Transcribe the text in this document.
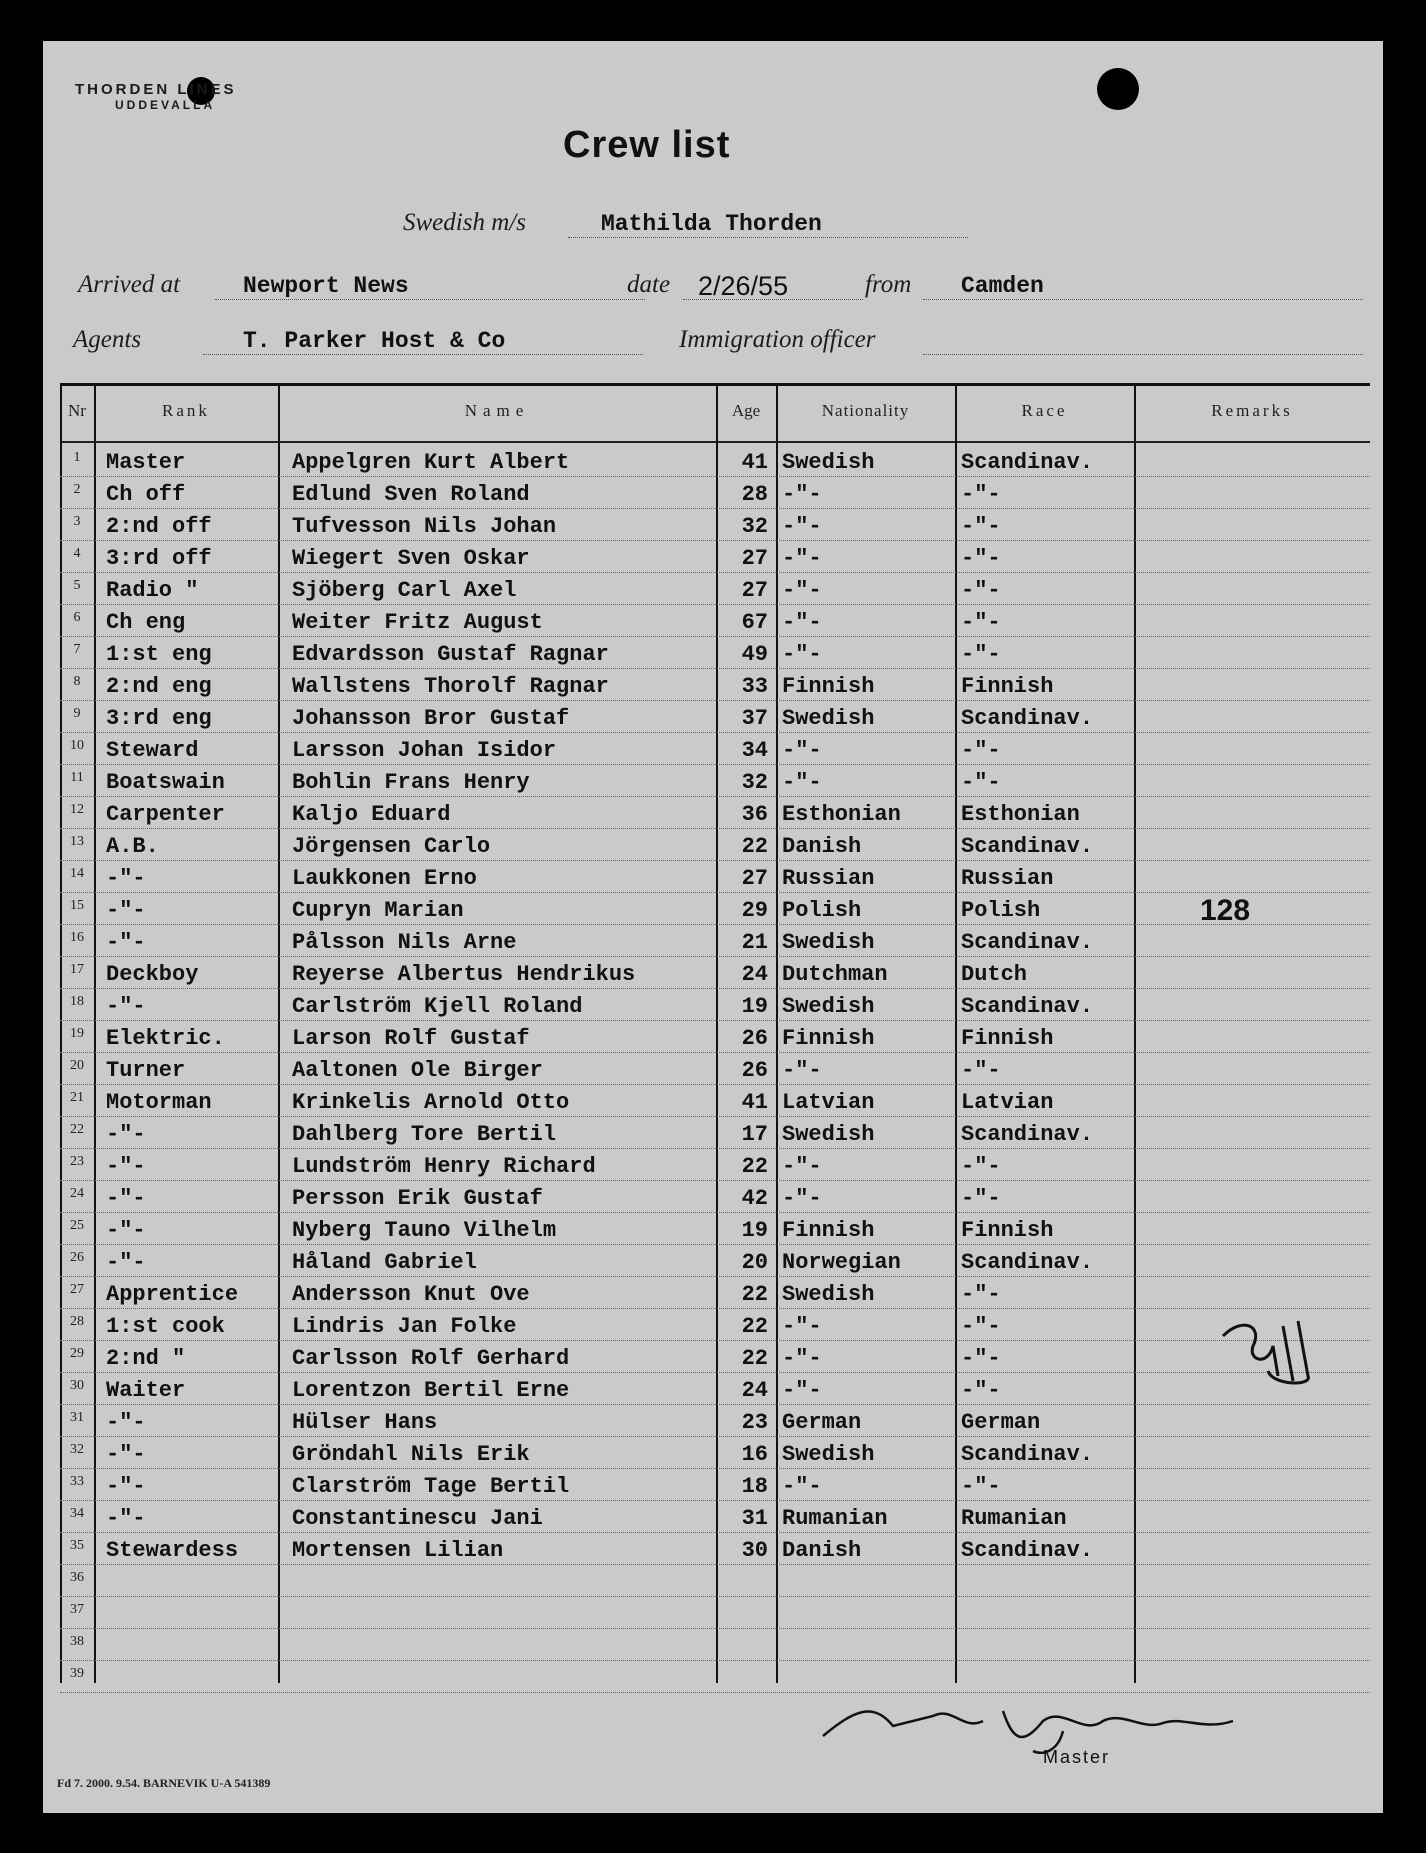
THORDEN LINES
UDDEVALLA
Crew list
Swedish m/s	Mathilda Thorden
Arrived at	Newport News	date 2/26/55	from Camden
Agents	T. Parker Host & Co	Immigration officer
Nr	Rank	Name	Age	Nationality	Race	Remarks
1	Master	Appelgren Kurt Albert	41 Swedish	Scandinav.
2	Ch off	Edlund Sven Roland	28 -"-	-"-
3	2:nd off	Tufvesson Nils Johan	32 -"-	-"-
4	3:rd off	Wiegert Sven Oskar	27 -"-	-"-
5	Radio "	Sjöberg Carl Axel	27 -"-	-"-
6	Ch eng	Weiter Fritz August	67 -"-	-"-
7	1:st eng	Edvardsson Gustaf Ragnar	49 -"-	-"-
8	2:nd eng	Wallstens Thorolf Ragnar	33 Finnish	Finnish
9	3:rd eng	Johansson Bror Gustaf	37 Swedish	Scandinav.
10	Steward	Larsson Johan Isidor	34 -"-	-"-
11	Boatswain	Bohlin Frans Henry	32 -"-	-"-
12	Carpenter	Kaljo Eduard	36 Esthonian	Esthonian
13	A.B.	Jörgensen Carlo	22 Danish	Scandinav.
14	-"-	Laukkonen Erno	27 Russian	Russian
15	-"-	Cupryn Marian	29 Polish	Polish
16	-"-	Pålsson Nils Arne	21 Swedish	Scandinav.
17	Deckboy	Reyerse Albertus Hendrikus	24 Dutchman	Dutch
18	-"-	Carlström Kjell Roland	19 Swedish	Scandinav.
19	Elektric.	Larson Rolf Gustaf	26 Finnish	Finnish
20	Turner	Aaltonen Ole Birger	26 -"-	-"-
21	Motorman	Krinkelis Arnold Otto	41 Latvian	Latvian
22	-"-	Dahlberg Tore Bertil	17 Swedish	Scandinav.
23	-"-	Lundström Henry Richard	22 -"-	-"-
24	-"-	Persson Erik Gustaf	42 -"-	-"-
25	-"-	Nyberg Tauno Vilhelm	19 Finnish	Finnish
26	-"-	Håland Gabriel	20 Norwegian	Scandinav.
27	Apprentice	Andersson Knut Ove	22 Swedish	-"-
28	1:st cook	Lindris Jan Folke	22 -"-	-"-
29	2:nd "	Carlsson Rolf Gerhard	22 -"-	-"-
30	Waiter	Lorentzon Bertil Erne	24 -"-	-"-
31	-"-	Hülser Hans	23 German	German
32	-"-	Gröndahl Nils Erik	16 Swedish	Scandinav.
33	-"-	Clarström Tage Bertil	18 -"-	-"-
34	-"-	Constantinescu Jani	31 Rumanian	Rumanian
35	Stewardess	Mortensen Lilian	30 Danish	Scandinav.
36
37
38
39
128
Master
Fd 7. 2000. 9.54. BARNEVIK U-A 541389
